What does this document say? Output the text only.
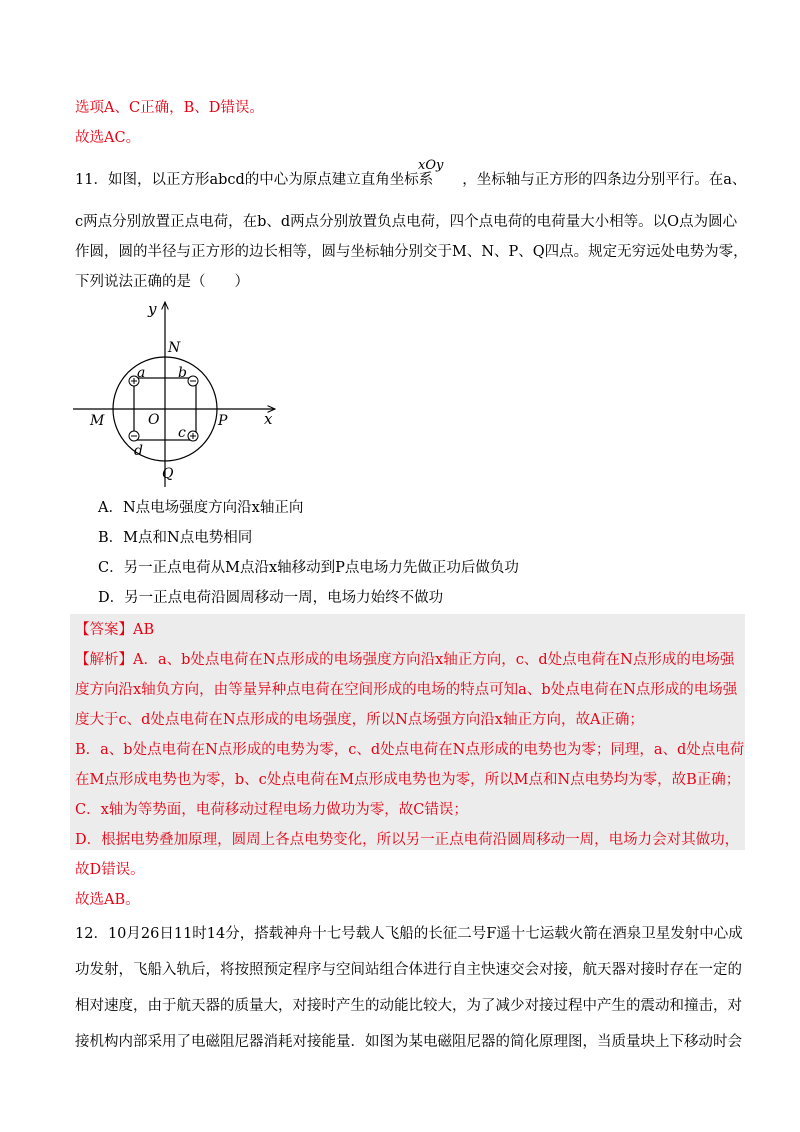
选项A、C正确，B、D错误。
故选AC。
xOy
11．如图，以正方形abcd的中心为原点建立直角坐标系　　，坐标轴与正方形的四条边分别平行。在a、
c两点分别放置正点电荷，在b、d两点分别放置负点电荷，四个点电荷的电荷量大小相等。以O点为圆心
作圆，圆的半径与正方形的边长相等，圆与坐标轴分别交于M、N、P、Q四点。规定无穷远处电势为零，
下列说法正确的是（　　）
y
x
N
M	O	P
Q
a b
c
d
A．N点电场强度方向沿x轴正向
B．M点和N点电势相同
C．另一正点电荷从M点沿x轴移动到P点电场力先做正功后做负功
D．另一正点电荷沿圆周移动一周，电场力始终不做功
【答案】AB
【解析】A．a、b处点电荷在N点形成的电场强度方向沿x轴正方向，c、d处点电荷在N点形成的电场强
度方向沿x轴负方向，由等量异种点电荷在空间形成的电场的特点可知a、b处点电荷在N点形成的电场强
度大于c、d处点电荷在N点形成的电场强度，所以N点场强方向沿x轴正方向，故A正确；
B．a、b处点电荷在N点形成的电势为零，c、d处点电荷在N点形成的电势也为零；同理，a、d处点电荷
在M点形成电势也为零，b、c处点电荷在M点形成电势也为零，所以M点和N点电势均为零，故B正确；
C．x轴为等势面，电荷移动过程电场力做功为零，故C错误；
D．根据电势叠加原理，圆周上各点电势变化，所以另一正点电荷沿圆周移动一周，电场力会对其做功，
故D错误。
故选AB。
12．10月26日11时14分，搭载神舟十七号载人飞船的长征二号F遥十七运载火箭在酒泉卫星发射中心成
功发射，飞船入轨后，将按照预定程序与空间站组合体进行自主快速交会对接，航天器对接时存在一定的
相对速度，由于航天器的质量大，对接时产生的动能比较大，为了减少对接过程中产生的震动和撞击，对
接机构内部采用了电磁阻尼器消耗对接能量．如图为某电磁阻尼器的简化原理图，当质量块上下移动时会
